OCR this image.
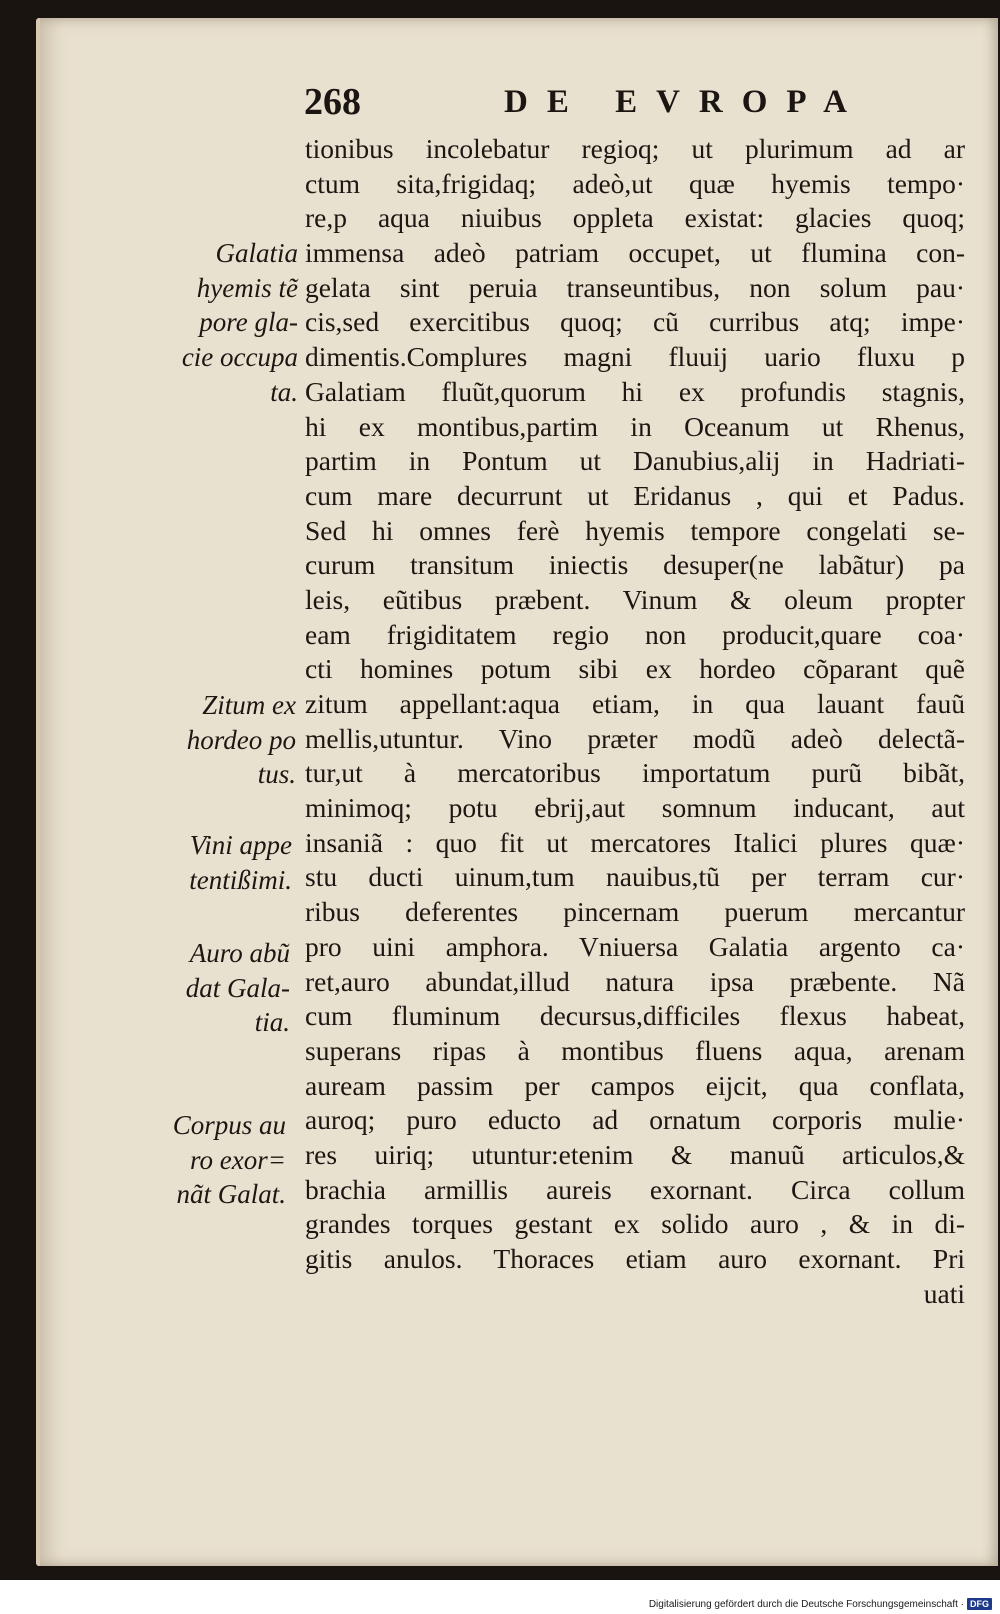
268	DE EVROPA
tionibus incolebatur regioq; ut plurimum ad ar
ctum sita,frigidaq; adeò,ut quæ hyemis tempo·
re,p aqua niuibus oppleta existat: glacies quoq;
immensa adeò patriam occupet, ut flumina con-
gelata sint peruia transeuntibus, non solum pau·
cis,sed exercitibus quoq; cũ curribus atq; impe·
dimentis.Complures magni fluuij uario fluxu p
Galatiam fluũt,quorum hi ex profundis stagnis,
hi ex montibus,partim in Oceanum ut Rhenus,
partim in Pontum ut Danubius,alij in Hadriati-
cum mare decurrunt ut Eridanus , qui et Padus.
Sed hi omnes ferè hyemis tempore congelati se-
curum transitum iniectis desuper(ne labãtur) pa
leis, eũtibus præbent. Vinum & oleum propter
eam frigiditatem regio non producit,quare coa·
cti homines potum sibi ex hordeo cõparant quẽ
zitum appellant:aqua etiam, in qua lauant fauũ
mellis,utuntur. Vino præter modũ adeò delectã-
tur,ut à mercatoribus importatum purũ bibãt,
minimoq; potu ebrij,aut somnum inducant, aut
insaniã : quo fit ut mercatores Italici plures quæ·
stu ducti uinum,tum nauibus,tũ per terram cur·
ribus deferentes pincernam puerum mercantur
pro uini amphora. Vniuersa Galatia argento ca·
ret,auro abundat,illud natura ipsa præbente. Nã
cum fluminum decursus,difficiles flexus habeat,
superans ripas à montibus fluens aqua, arenam
auream passim per campos eijcit, qua conflata,
auroq; puro educto ad ornatum corporis mulie·
res uiriq; utuntur:etenim & manuũ articulos,&
brachia armillis aureis exornant. Circa collum
grandes torques gestant ex solido auro , & in di-
gitis anulos. Thoraces etiam auro exornant. Pri
uati
Galatia
hyemis tẽ
pore gla-
cie occupa
ta.
Zitum ex
hordeo po
tus.
Vini appe
tentißimi.
Auro abũ
dat Gala-
tia.
Corpus au
ro exor=
nãt Galat.
Digitalisierung gefördert durch die Deutsche Forschungsgemeinschaft · DFG
